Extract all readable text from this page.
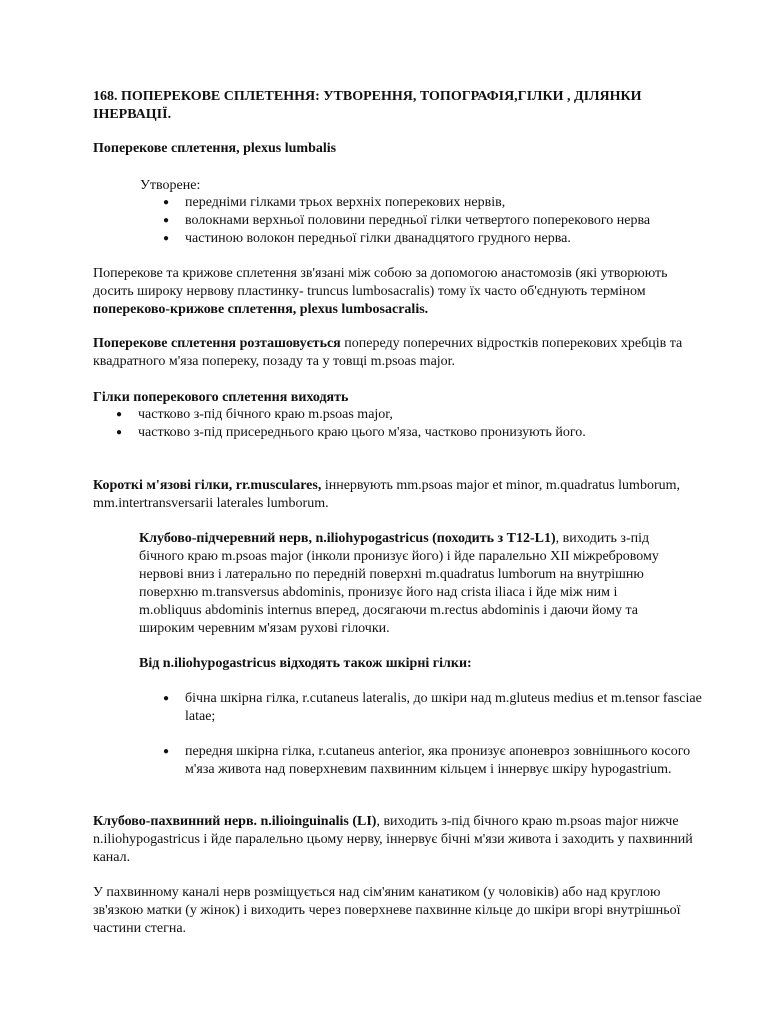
168. ПОПЕРЕКОВЕ СПЛЕТЕННЯ: УТВОРЕННЯ, ТОПОГРАФІЯ,ГІЛКИ , ДІЛЯНКИ ІНЕРВАЦІЇ.
Поперекове сплетення, plexus lumbalis
Утворене:
● передніми гілками трьох верхніх поперекових нервів,
● волокнами верхньої половини передньої гілки четвертого поперекового нерва
● частиною волокон передньої гілки дванадцятого грудного нерва.
Поперекове та крижове сплетення зв'язані між собою за допомогою анастомозів (які утворюють досить широку нервову пластинку- truncus lumbosacralis) тому їх часто об'єднують терміном попереково-крижове сплетення, plexus lumbosacralis.
Поперекове сплетення розташовується попереду поперечних відростків поперекових хребців та квадратного м'яза попереку, позаду та у товщі m.psoas major.
Гілки поперекового сплетення виходять
● частково з-під бічного краю m.psoas major,
● частково з-під присереднього краю цього м'яза, частково пронизують його.
Короткі м'язові гілки, rr.musculares, іннервують mm.psoas major et minor, m.quadratus lumborum, mm.intertransversarii laterales lumborum.
Клубово-підчеревний нерв, n.iliohypogastricus (походить з T12-L1), виходить з-під бічного краю m.psoas major (інколи пронизує його) і йде паралельно XII міжребровому нервові вниз і латерально по передній поверхні m.quadratus lumborum на внутрішню поверхню m.transversus abdominis, пронизує його над crista iliaca і йде між ним і m.obliquus abdominis internus вперед, досягаючи m.rectus abdominis і даючи йому та широким черевним м'язам рухові гілочки.
Від n.iliohypogastricus відходять також шкірні гілки:
● бічна шкірна гілка, r.cutaneus lateralis, до шкіри над m.gluteus medius et m.tensor fasciae latae;
● передня шкірна гілка, r.cutaneus anterior, яка пронизує апоневроз зовнішнього косого м'яза живота над поверхневим пахвинним кільцем і іннервує шкіру hypogastrium.
Клубово-пахвинний нерв. n.ilioinguinalis (LI), виходить з-під бічного краю m.psoas major нижче n.iliohypogastricus і йде паралельно цьому нерву, іннервує бічні м'язи живота і заходить у пахвинний канал.
У пахвинному каналі нерв розміщується над сім'яним канатиком (у чоловіків) або над круглою зв'язкою матки (у жінок) і виходить через поверхневе пахвинне кільце до шкіри вгорі внутрішньої частини стегна.
